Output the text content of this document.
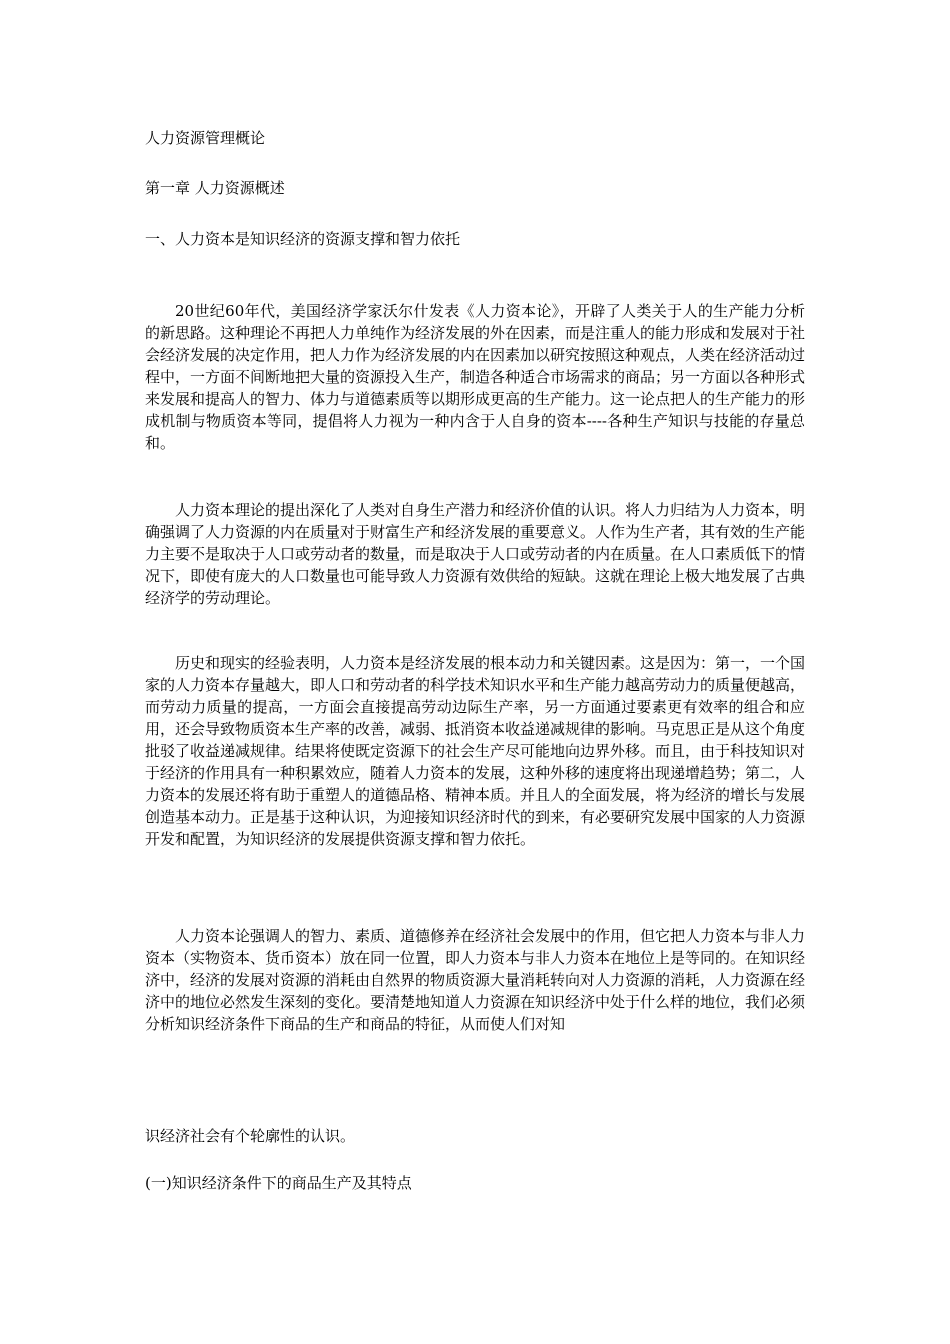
人力资源管理概论
第一章 人力资源概述
一、人力资本是知识经济的资源支撑和智力依托

20世纪60年代，美国经济学家沃尔什发表《人力资本论》，开辟了人类关于人的生产能力分析的新思路。这种理论不再把人力单纯作为经济发展的外在因素，而是注重人的能力形成和发展对于社会经济发展的决定作用，把人力作为经济发展的内在因素加以研究按照这种观点，人类在经济活动过程中，一方面不间断地把大量的资源投入生产，制造各种适合市场需求的商品；另一方面以各种形式来发展和提高人的智力、体力与道德素质等以期形成更高的生产能力。这一论点把人的生产能力的形成机制与物质资本等同，提倡将人力视为一种内含于人自身的资本----各种生产知识与技能的存量总和。

人力资本理论的提出深化了人类对自身生产潜力和经济价值的认识。将人力归结为人力资本，明确强调了人力资源的内在质量对于财富生产和经济发展的重要意义。人作为生产者，其有效的生产能力主要不是取决于人口或劳动者的数量，而是取决于人口或劳动者的内在质量。在人口素质低下的情况下，即使有庞大的人口数量也可能导致人力资源有效供给的短缺。这就在理论上极大地发展了古典经济学的劳动理论。

历史和现实的经验表明，人力资本是经济发展的根本动力和关键因素。这是因为：第一，一个国家的人力资本存量越大，即人口和劳动者的科学技术知识水平和生产能力越高劳动力的质量便越高，而劳动力质量的提高，一方面会直接提高劳动边际生产率，另一方面通过要素更有效率的组合和应用，还会导致物质资本生产率的改善，减弱、抵消资本收益递减规律的影响。马克思正是从这个角度批驳了收益递减规律。结果将使既定资源下的社会生产尽可能地向边界外移。而且，由于科技知识对于经济的作用具有一种积累效应，随着人力资本的发展，这种外移的速度将出现递增趋势；第二，人力资本的发展还将有助于重塑人的道德品格、精神本质。并且人的全面发展，将为经济的增长与发展创造基本动力。正是基于这种认识，为迎接知识经济时代的到来，有必要研究发展中国家的人力资源开发和配置，为知识经济的发展提供资源支撑和智力依托。

人力资本论强调人的智力、素质、道德修养在经济社会发展中的作用，但它把人力资本与非人力资本（实物资本、货币资本）放在同一位置，即人力资本与非人力资本在地位上是等同的。在知识经济中，经济的发展对资源的消耗由自然界的物质资源大量消耗转向对人力资源的消耗，人力资源在经济中的地位必然发生深刻的变化。要清楚地知道人力资源在知识经济中处于什么样的地位，我们必须分析知识经济条件下商品的生产和商品的特征，从而使人们对知

识经济社会有个轮廓性的认识。
(一)知识经济条件下的商品生产及其特点
